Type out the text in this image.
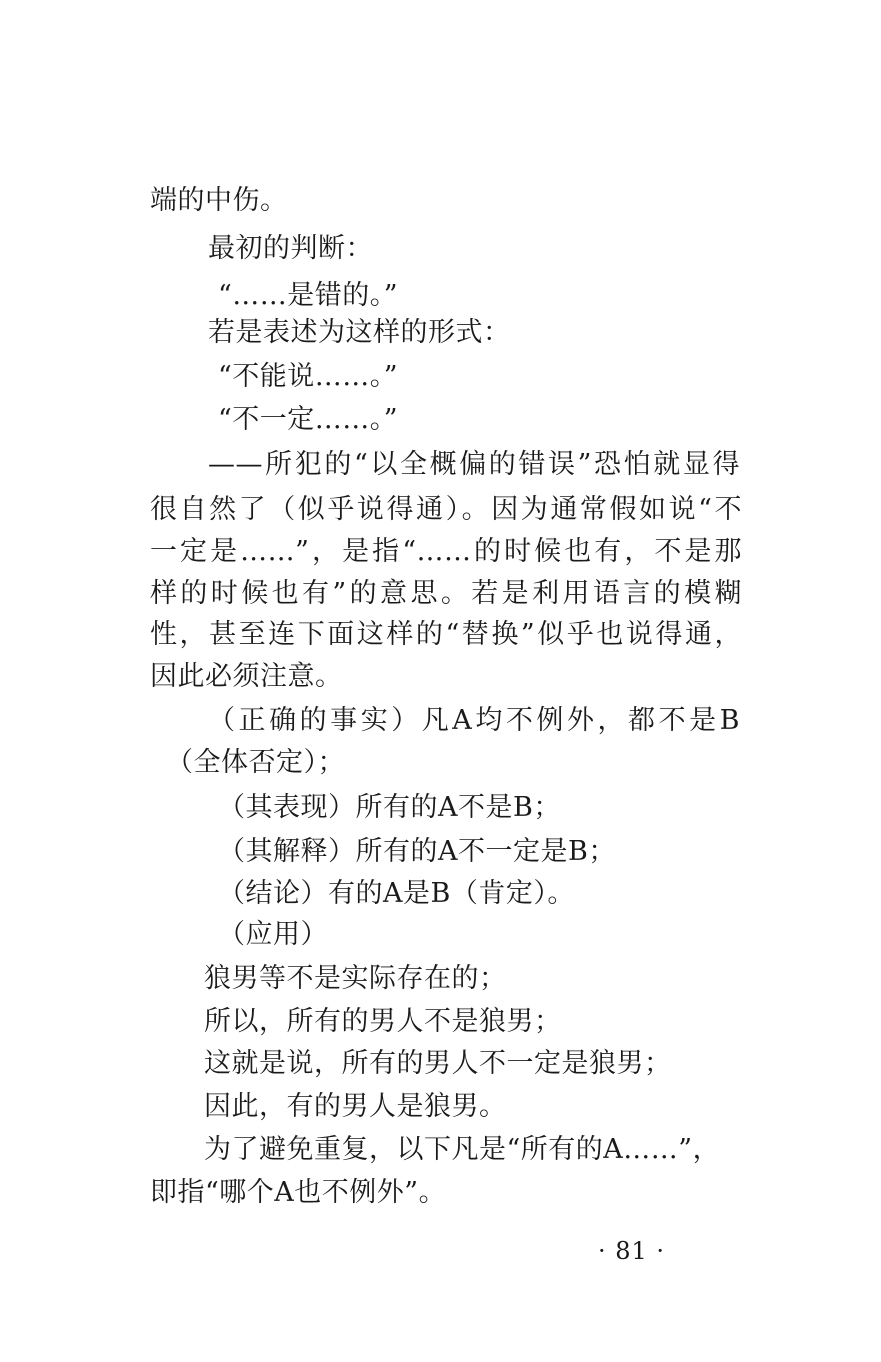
端的中伤。
最初的判断：
“……是错的。”
若是表述为这样的形式：
“不能说……。”
“不一定……。”
——所犯的“以全概偏的错误”恐怕就显得
很自然了（似乎说得通）。因为通常假如说“不
一定是……”，是指“……的时候也有，不是那
样的时候也有”的意思。若是利用语言的模糊
性，甚至连下面这样的“替换”似乎也说得通，
因此必须注意。
（正确的事实）凡A均不例外，都不是B
（全体否定）；
（其表现）所有的A不是B；
（其解释）所有的A不一定是B；
（结论）有的A是B（肯定）。
（应用）
狼男等不是实际存在的；
所以，所有的男人不是狼男；
这就是说，所有的男人不一定是狼男；
因此，有的男人是狼男。
为了避免重复，以下凡是“所有的A……”，
即指“哪个A也不例外”。
· 81 ·
